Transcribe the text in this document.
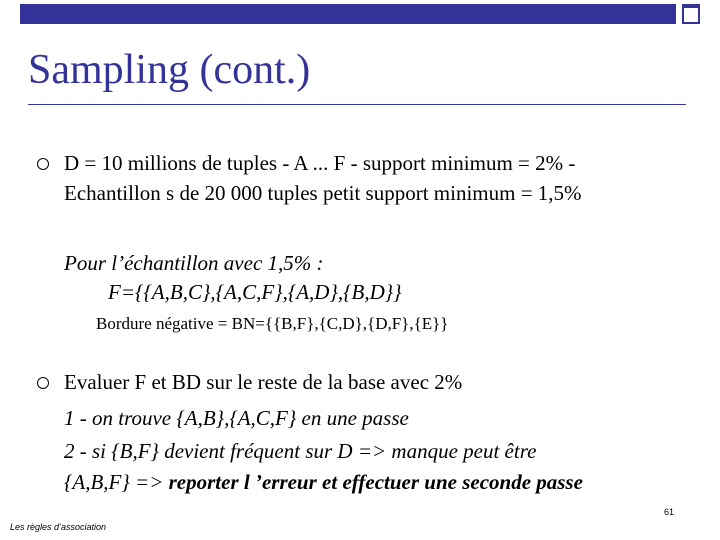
Sampling (cont.)
D = 10 millions de tuples - A ... F - support minimum = 2% -
Echantillon s de 20 000 tuples petit support minimum = 1,5%
Pour l’échantillon avec 1,5% :
F={{A,B,C},{A,C,F},{A,D},{B,D}}
Bordure négative = BN={{B,F},{C,D},{D,F},{E}}
Evaluer F et BD sur le reste de la base avec 2%
1 - on trouve {A,B},{A,C,F} en une passe
2 - si {B,F} devient fréquent sur D => manque peut être
{A,B,F} => reporter l ’erreur et effectuer une seconde passe
61
Les règles d’association
